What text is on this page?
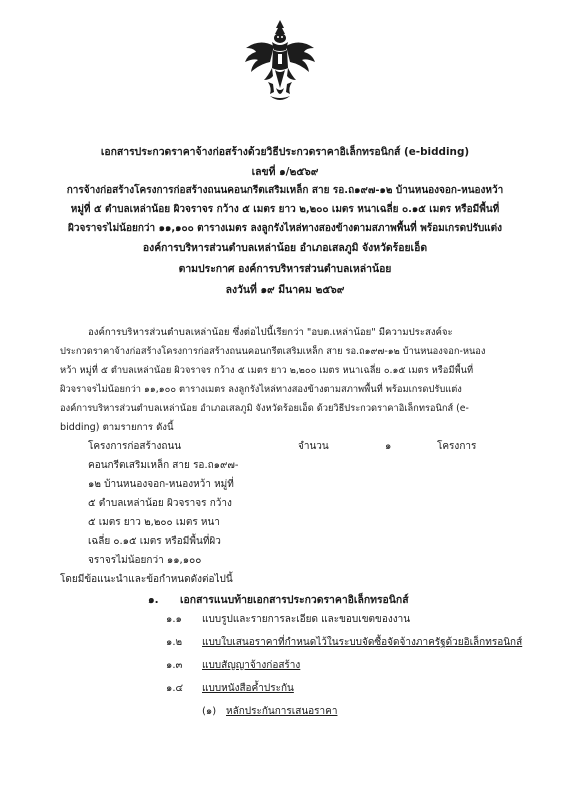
เอกสารประกวดราคาจ้างก่อสร้างด้วยวิธีประกวดราคาอิเล็กทรอนิกส์ (e-bidding)
เลขที่ ๑/๒๕๖๙
การจ้างก่อสร้างโครงการก่อสร้างถนนคอนกรีตเสริมเหล็ก สาย รอ.ถ๑๙๗-๑๒ บ้านหนองจอก-หนองหว้า
หมู่ที่ ๕ ตำบลเหล่าน้อย ผิวจราจร กว้าง ๕ เมตร ยาว ๒,๒๐๐ เมตร หนาเฉลี่ย ๐.๑๕ เมตร หรือมีพื้นที่
ผิวจราจรไม่น้อยกว่า ๑๑,๑๐๐ ตารางเมตร ลงลูกรังไหล่ทางสองข้างตามสภาพพื้นที่ พร้อมเกรดปรับแต่ง
องค์การบริหารส่วนตำบลเหล่าน้อย อำเภอเสลภูมิ จังหวัดร้อยเอ็ด
ตามประกาศ องค์การบริหารส่วนตำบลเหล่าน้อย
ลงวันที่ ๑๙ มีนาคม ๒๕๖๙
องค์การบริหารส่วนตำบลเหล่าน้อย ซึ่งต่อไปนี้เรียกว่า "อบต.เหล่าน้อย" มีความประสงค์จะ
ประกวดราคาจ้างก่อสร้างโครงการก่อสร้างถนนคอนกรีตเสริมเหล็ก สาย รอ.ถ๑๙๗-๑๒ บ้านหนองจอก-หนอง
หว้า หมู่ที่ ๕ ตำบลเหล่าน้อย ผิวจราจร กว้าง ๕ เมตร ยาว ๒,๒๐๐ เมตร หนาเฉลี่ย ๐.๑๕ เมตร หรือมีพื้นที่
ผิวจราจรไม่น้อยกว่า ๑๑,๑๐๐ ตารางเมตร ลงลูกรังไหล่ทางสองข้างตามสภาพพื้นที่ พร้อมเกรดปรับแต่ง
องค์การบริหารส่วนตำบลเหล่าน้อย อำเภอเสลภูมิ จังหวัดร้อยเอ็ด ด้วยวิธีประกวดราคาอิเล็กทรอนิกส์ (e-
bidding) ตามรายการ ดังนี้
โครงการก่อสร้างถนน
คอนกรีตเสริมเหล็ก สาย รอ.ถ๑๙๗-
๑๒ บ้านหนองจอก-หนองหว้า หมู่ที่
๕ ตำบลเหล่าน้อย ผิวจราจร กว้าง
๕ เมตร ยาว ๒,๒๐๐ เมตร หนา
เฉลี่ย ๐.๑๕ เมตร หรือมีพื้นที่ผิว
จราจรไม่น้อยกว่า ๑๑,๑๐๐
จำนวน	๑	โครงการ
โดยมีข้อแนะนำและข้อกำหนดดังต่อไปนี้
๑. เอกสารแนบท้ายเอกสารประกวดราคาอิเล็กทรอนิกส์
๑.๑ แบบรูปและรายการละเอียด และขอบเขตของงาน
๑.๒ แบบใบเสนอราคาที่กำหนดไว้ในระบบจัดซื้อจัดจ้างภาครัฐด้วยอิเล็กทรอนิกส์
๑.๓ แบบสัญญาจ้างก่อสร้าง
๑.๔ แบบหนังสือค้ำประกัน
(๑) หลักประกันการเสนอราคา
